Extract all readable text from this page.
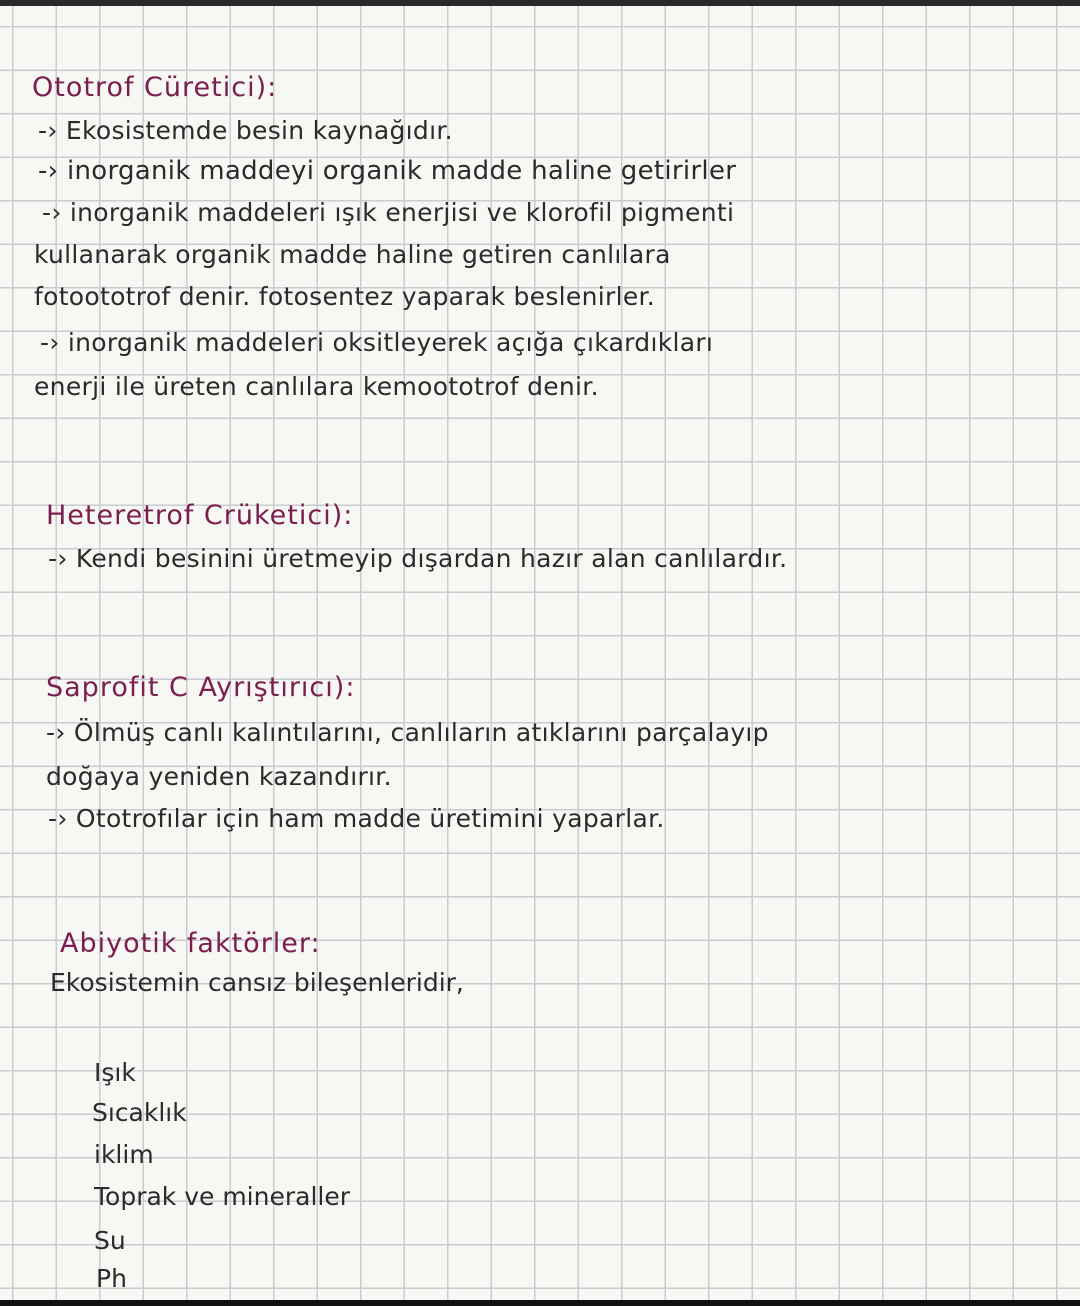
Ototrof Cüretici):
-› Ekosistemde besin kaynağıdır.
-› inorganik maddeyi organik madde haline getirirler
-› inorganik maddeleri ışık enerjisi ve klorofil pigmenti
kullanarak organik madde haline getiren canlılara
fotoototrof denir. fotosentez yaparak beslenirler.
-› inorganik maddeleri oksitleyerek açığa çıkardıkları
enerji ile üreten canlılara kemoototrof denir.
Heteretrof Crüketici):
-› Kendi besinini üretmeyip dışardan hazır alan canlılardır.
Saprofit C Ayrıştırıcı):
-› Ölmüş canlı kalıntılarını, canlıların atıklarını parçalayıp
doğaya yeniden kazandırır.
-› Ototrofılar için ham madde üretimini yaparlar.
Abiyotik faktörler:
Ekosistemin cansız bileşenleridir,
Işık
Sıcaklık
iklim
Toprak ve mineraller
Su
Ph
